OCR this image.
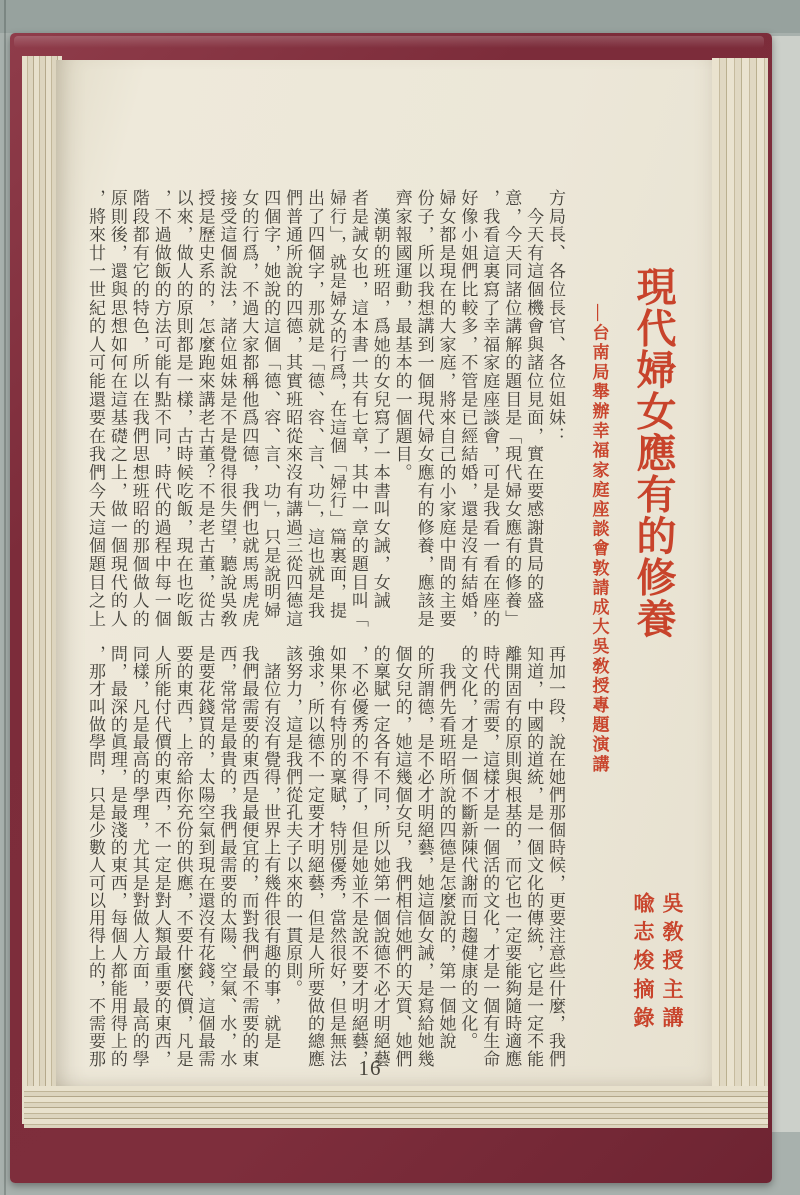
現代婦女應有的修養
―台南局舉辦幸福家庭座談會敦請成大吳敎授專題演講
吳敎授主講
喩志焌摘錄
方局長、各位長官、各位姐妹：
　今天有這個機會與諸位見面，實在要感謝貴局的盛
意，今天同諸位講解的題目是「現代婦女應有的修養」
，我看這裏寫了幸福家庭座談會，可是我看一看在座的
好像小姐們比較多，不管是已經結婚，還是沒有結婚，
婦女都是現在的大家庭，將來自己的小家庭中間的主要
份子，所以我想講到一個現代婦女應有的修養，應該是
齊家報國運動，最基本的一個題目。
　漢朝的班昭，爲她的女兒寫了一本書叫女誡，女誡
者是誡女也，這本書一共有七章，其中一章的題目叫「
婦行」，就是婦女的行爲，在這個「婦行」篇裏面，提
出了四個字，那就是「德、容、言、功」，這也就是我
們普通所說的四德，其實班昭從來沒有講過三從四德這
四個字，她說的這個「德、容、言、功」，只是說明婦
女的行爲，不過大家都稱他爲四德，我們也就馬馬虎虎
接受這個說法，諸位姐妹是不是覺得很失望，聽說吳敎
授是歷史系的，怎麼跑來講老古董？不是老古董，從古
以來，做人的原則都是一樣，古時候吃飯，現在也吃飯
，不過做飯的方法可能有點不同，時代的過程中每一個
階段都有它的特色，所以在我們思想班昭的那個做人的
原則後，還與思想如何在這基礎之上，做一個現代的人
，將來廿一世紀的人可能還要在我們今天這個題目之上
再加一段，說在她們那個時候，更要注意些什麼，我們
知道，中國的道統，是一個文化的傳統，它是一定不能
離開固有的原則與根基的，而它也一定要能夠隨時適應
時代的需要，這樣才是一個活的文化，才是一個有生命
的文化，才是一個不斷新陳代謝而日趨健康的文化。
　我們先看班昭所說的四德是怎麼說的，第一個她說
的所謂德，是不必才明絕藝，她這個女誡，是寫給她幾
個女兒的，她這幾個女兒，我們相信她們的天質、她們
的稟賦一定各有不同，所以她第一個說德不必才明絕藝
，不必優秀的不得了，但是她並不是說不要才明絕藝，
如果你有特別的稟賦，特別優秀，當然很好，但是無法
強求，所以德不一定要才明絕藝，但是人所要做的總應
該努力，這是我們從孔夫子以來的一貫原則。
　諸位有沒有覺得，世界上有幾件很有趣的事，就是
我們最需要的東西是最便宜的，而對我們最不需要的東
西，常常是最貴的，我們最需要的太陽、空氣、水，水
是要花錢買的，太陽空氣到現在還沒有花錢，這個最需
要的東西，上帝給你充份的供應，不要什麼代價，凡是
人所能付代價的東西，不一定是對人類最重要的東西，
同樣，凡是最高的學理，尤其是對做人方面，最高的學
問，最深的眞理，是最淺的東西，每個人都能用得上的
，那才叫做學問，只是少數人可以用得上的，不需要那
16
